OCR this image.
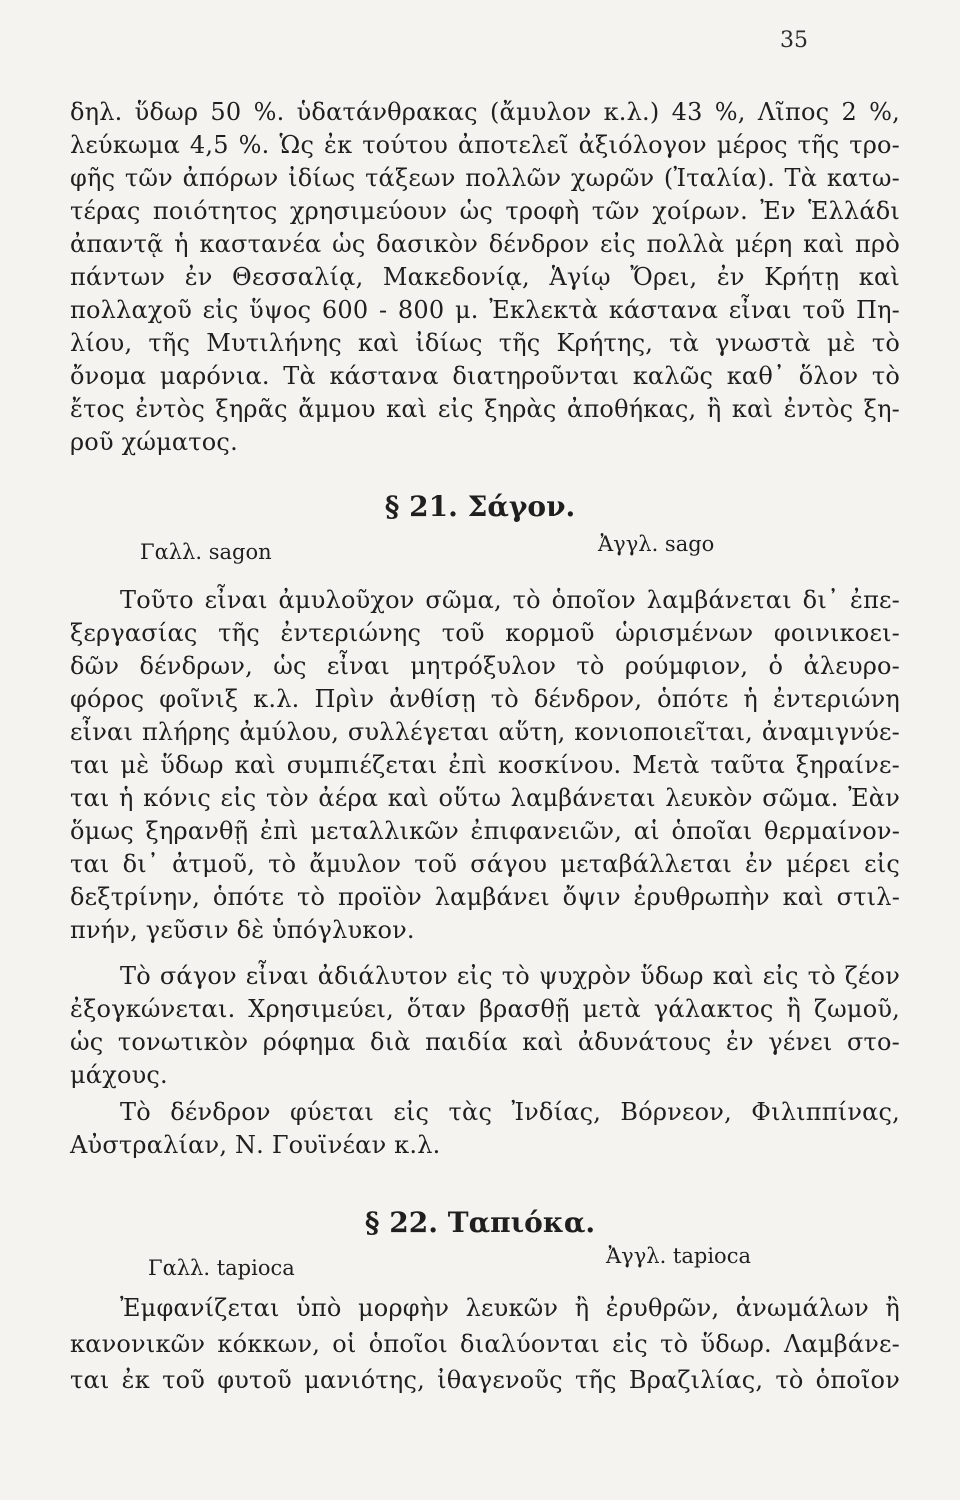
35
δηλ. ὕδωρ 50 %. ὑδατάνθρακας (ἄμυλον κ.λ.) 43 %, Λῖπος 2 %,
λεύκωμα 4,5 %. Ὡς ἐκ τούτου ἀποτελεῖ ἀξιόλογον μέρος τῆς τρο-
φῆς τῶν ἀπόρων ἰδίως τάξεων πολλῶν χωρῶν (Ἰταλία). Τὰ κατω-
τέρας ποιότητος χρησιμεύουν ὡς τροφὴ τῶν χοίρων. Ἐν Ἑλλάδι
ἀπαντᾷ ἡ καστανέα ὡς δασικὸν δένδρον εἰς πολλὰ μέρη καὶ πρὸ
πάντων ἐν Θεσσαλίᾳ, Μακεδονίᾳ, Ἁγίῳ Ὄρει, ἐν Κρήτῃ καὶ
πολλαχοῦ εἰς ὕψος 600 - 800 μ. Ἐκλεκτὰ κάστανα εἶναι τοῦ Πη-
λίου, τῆς Μυτιλήνης καὶ ἰδίως τῆς Κρήτης, τὰ γνωστὰ μὲ τὸ
ὄνομα μαρόνια. Τὰ κάστανα διατηροῦνται καλῶς καθ᾽ ὅλον τὸ
ἔτος ἐντὸς ξηρᾶς ἄμμου καὶ εἰς ξηρὰς ἀποθήκας, ἢ καὶ ἐντὸς ξη-
ροῦ χώματος.
§ 21. Σάγον.
Γαλλ. sagon	Ἀγγλ. sago
Τοῦτο εἶναι ἀμυλοῦχον σῶμα, τὸ ὁποῖον λαμβάνεται δι᾽ ἐπε-
ξεργασίας τῆς ἐντεριώνης τοῦ κορμοῦ ὡρισμένων φοινικοει-
δῶν δένδρων, ὡς εἶναι μητρόξυλον τὸ ρούμφιον, ὁ ἀλευρο-
φόρος φοῖνιξ κ.λ. Πρὶν ἀνθίσῃ τὸ δένδρον, ὁπότε ἡ ἐντεριώνη
εἶναι πλήρης ἀμύλου, συλλέγεται αὕτη, κονιοποιεῖται, ἀναμιγνύε-
ται μὲ ὕδωρ καὶ συμπιέζεται ἐπὶ κοσκίνου. Μετὰ ταῦτα ξηραίνε-
ται ἡ κόνις εἰς τὸν ἀέρα καὶ οὕτω λαμβάνεται λευκὸν σῶμα. Ἐὰν
ὅμως ξηρανθῇ ἐπὶ μεταλλικῶν ἐπιφανειῶν, αἱ ὁποῖαι θερμαίνον-
ται δι᾽ ἀτμοῦ, τὸ ἄμυλον τοῦ σάγου μεταβάλλεται ἐν μέρει εἰς
δεξτρίνην, ὁπότε τὸ προϊὸν λαμβάνει ὄψιν ἐρυθρωπὴν καὶ στιλ-
πνήν, γεῦσιν δὲ ὑπόγλυκον.
Τὸ σάγον εἶναι ἀδιάλυτον εἰς τὸ ψυχρὸν ὕδωρ καὶ εἰς τὸ ζέον
ἐξογκώνεται. Χρησιμεύει, ὅταν βρασθῇ μετὰ γάλακτος ἢ ζωμοῦ,
ὡς τονωτικὸν ρόφημα διὰ παιδία καὶ ἀδυνάτους ἐν γένει στο-
μάχους.
Τὸ δένδρον φύεται εἰς τὰς Ἰνδίας, Βόρνεον, Φιλιππίνας,
Αὐστραλίαν, Ν. Γουϊνέαν κ.λ.
§ 22. Ταπιόκα.
Γαλλ. tapioca	Ἀγγλ. tapioca
Ἐμφανίζεται ὑπὸ μορφὴν λευκῶν ἢ ἐρυθρῶν, ἀνωμάλων ἢ
κανονικῶν κόκκων, οἱ ὁποῖοι διαλύονται εἰς τὸ ὕδωρ. Λαμβάνε-
ται ἐκ τοῦ φυτοῦ μανιότης, ἰθαγενοῦς τῆς Βραζιλίας, τὸ ὁποῖον
